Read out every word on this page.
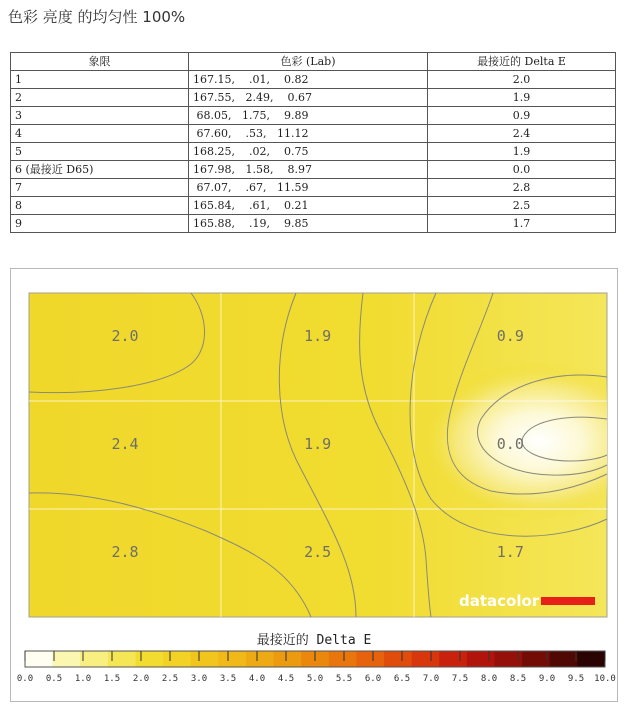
色彩 亮度 的均匀性 100%
象限	色彩 (Lab)	最接近的 Delta E
1	167.15,    .01,    0.82	2.0
2	167.55,   2.49,    0.67	1.9
3	68.05,   1.75,    9.89	0.9
4	67.60,    .53,   11.12	2.4
5	168.25,    .02,    0.75	1.9
6 (最接近 D65)	167.98,   1.58,    8.97	0.0
7	67.07,    .67,   11.59	2.8
8	165.84,    .61,    0.21	2.5
9	165.88,    .19,    9.85	1.7
2.0	1.9	0.9
2.4	1.9	0.0
2.8	2.5	1.7
datacolor
最接近的 Delta E
0.0 0.5 1.0 1.5 2.0 2.5 3.0 3.5 4.0 4.5 5.0 5.5 6.0 6.5 7.0 7.5 8.0 8.5 9.0 9.5 10.0
